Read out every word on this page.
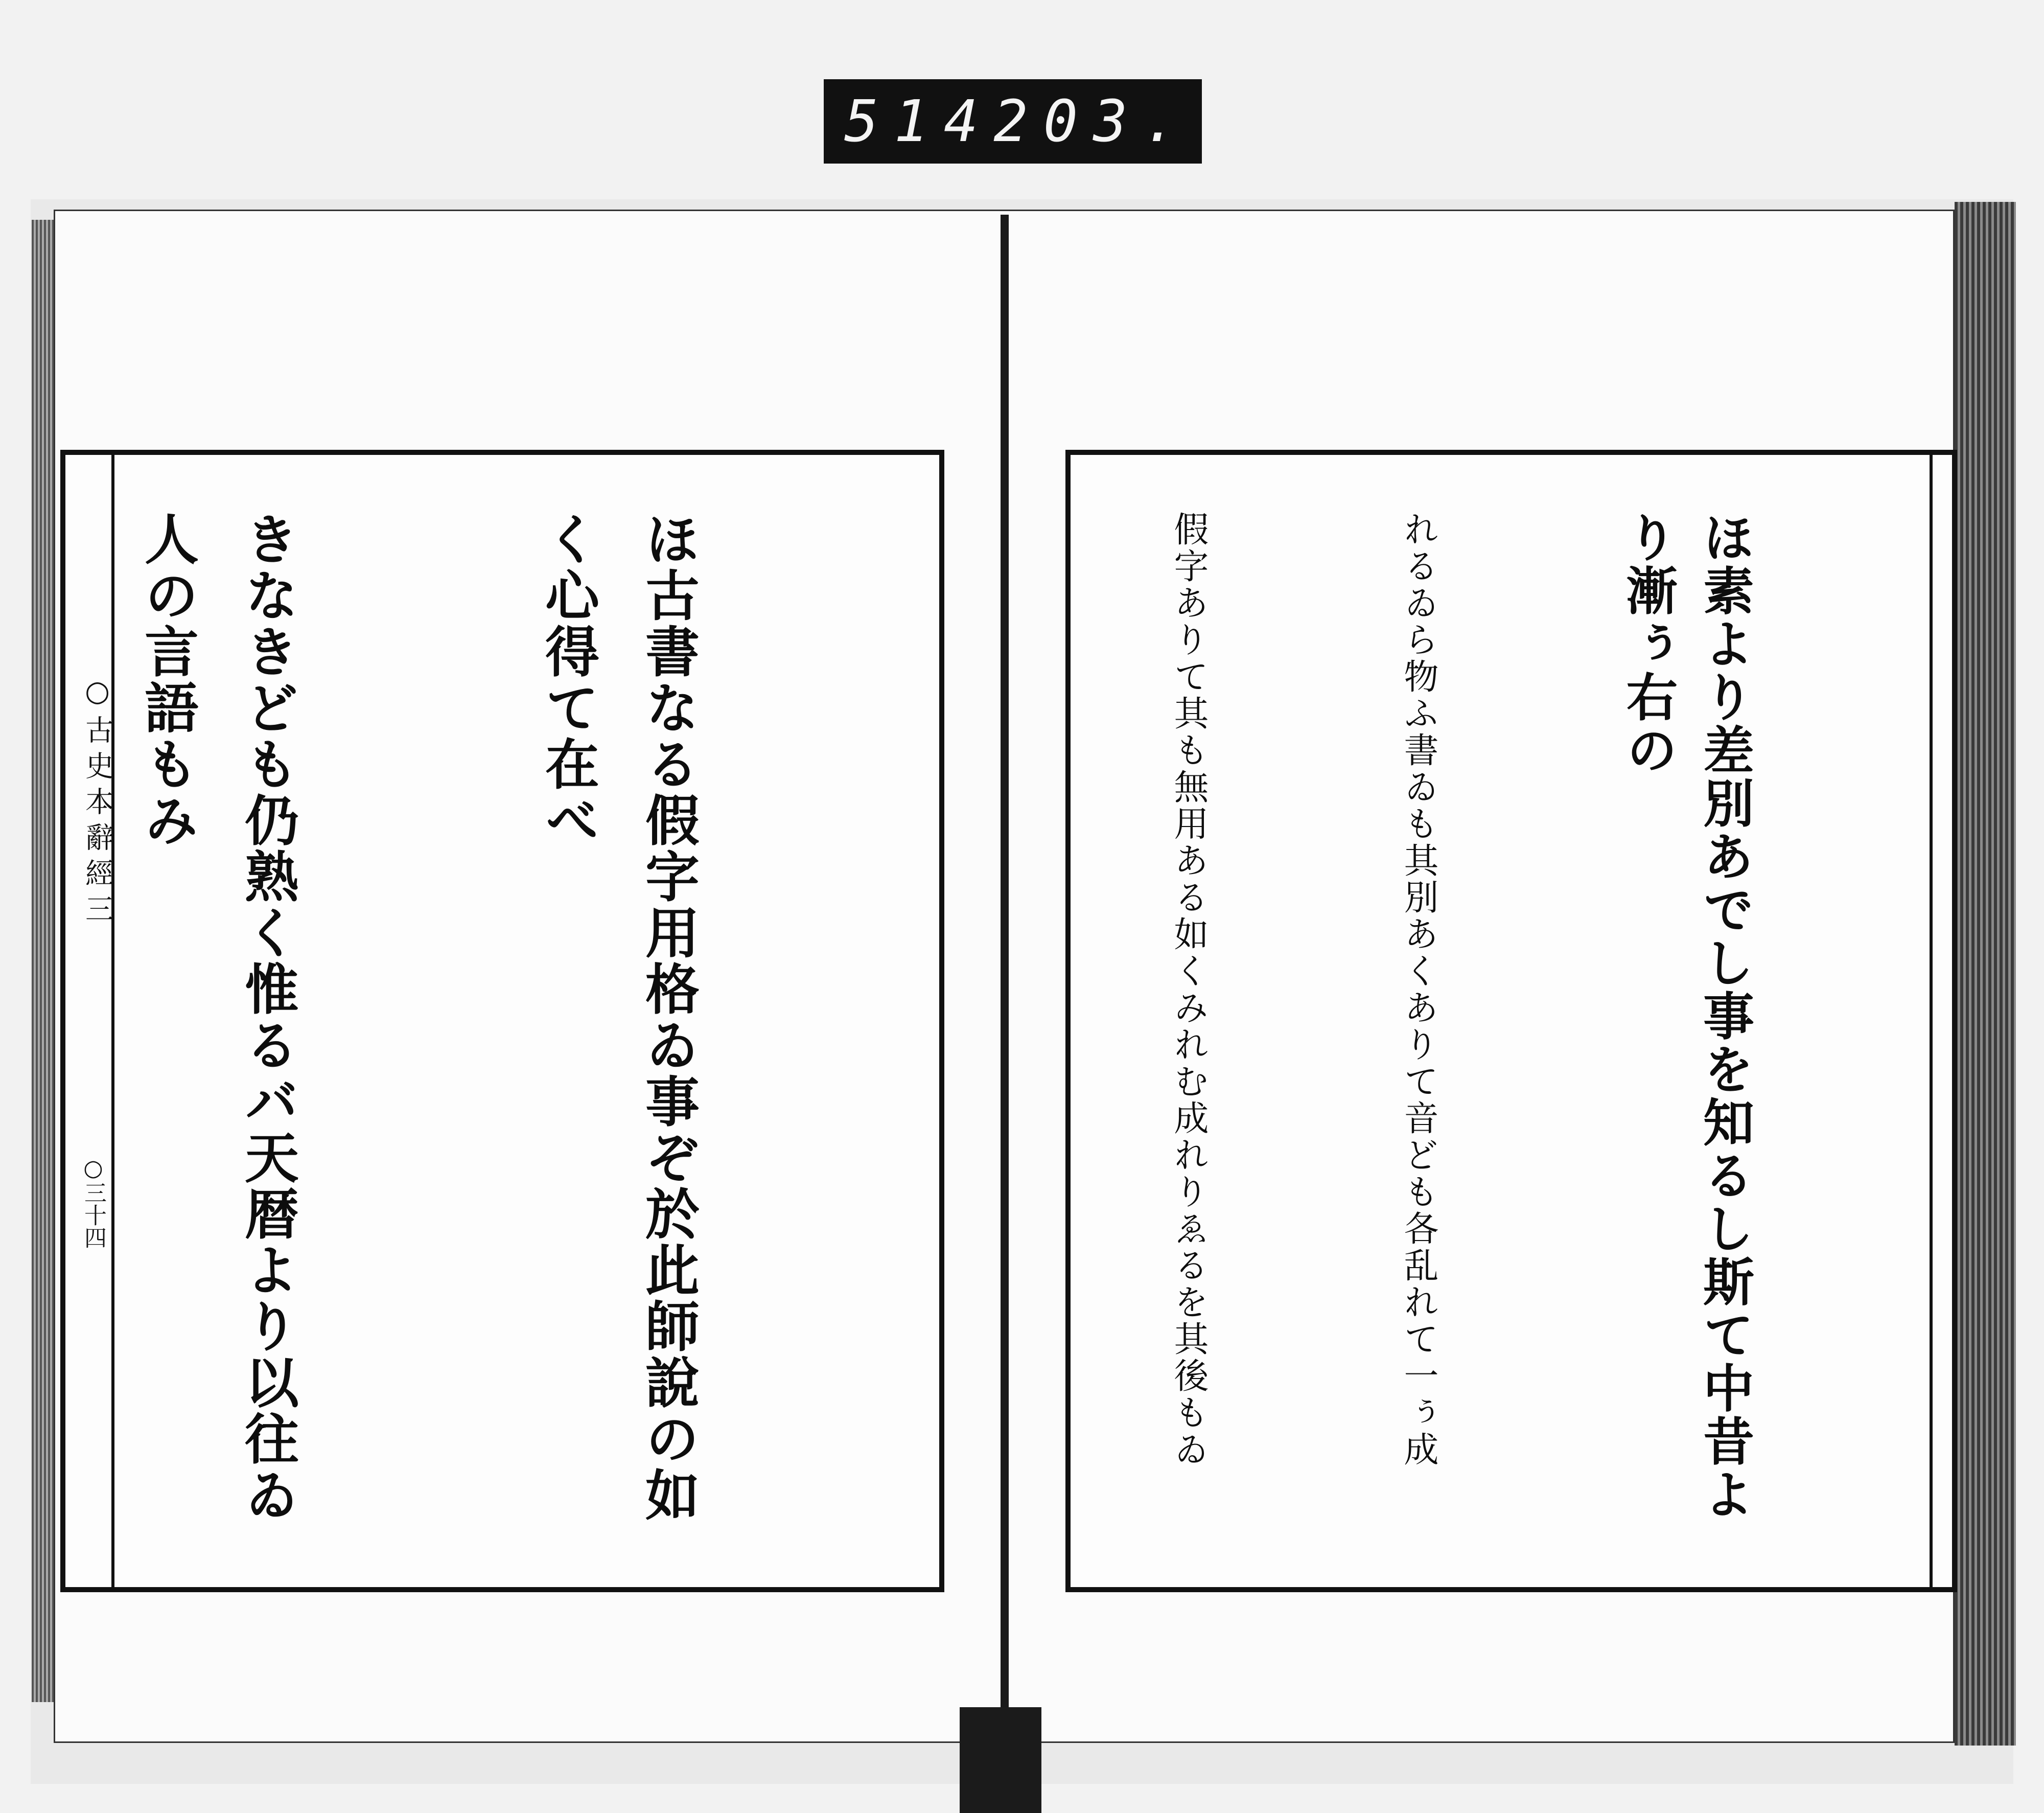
514 203.
○古史本辭經三
○三十四

	ほ古書なる假字用格ゐ事ぞ於此師說の如く心得て在べ

きなきども仍熟く惟るバ天暦より以往ゐ人の言語もみ

	ほ素より差別あでし事を知るし斯て中昔より漸ぅ右の

れるゐら物ふ書ゐも其別あくありて音ども各乱れて一ぅ成

假字ありて其も無用ある如くみれむ成れりゑるを其後もゐ
